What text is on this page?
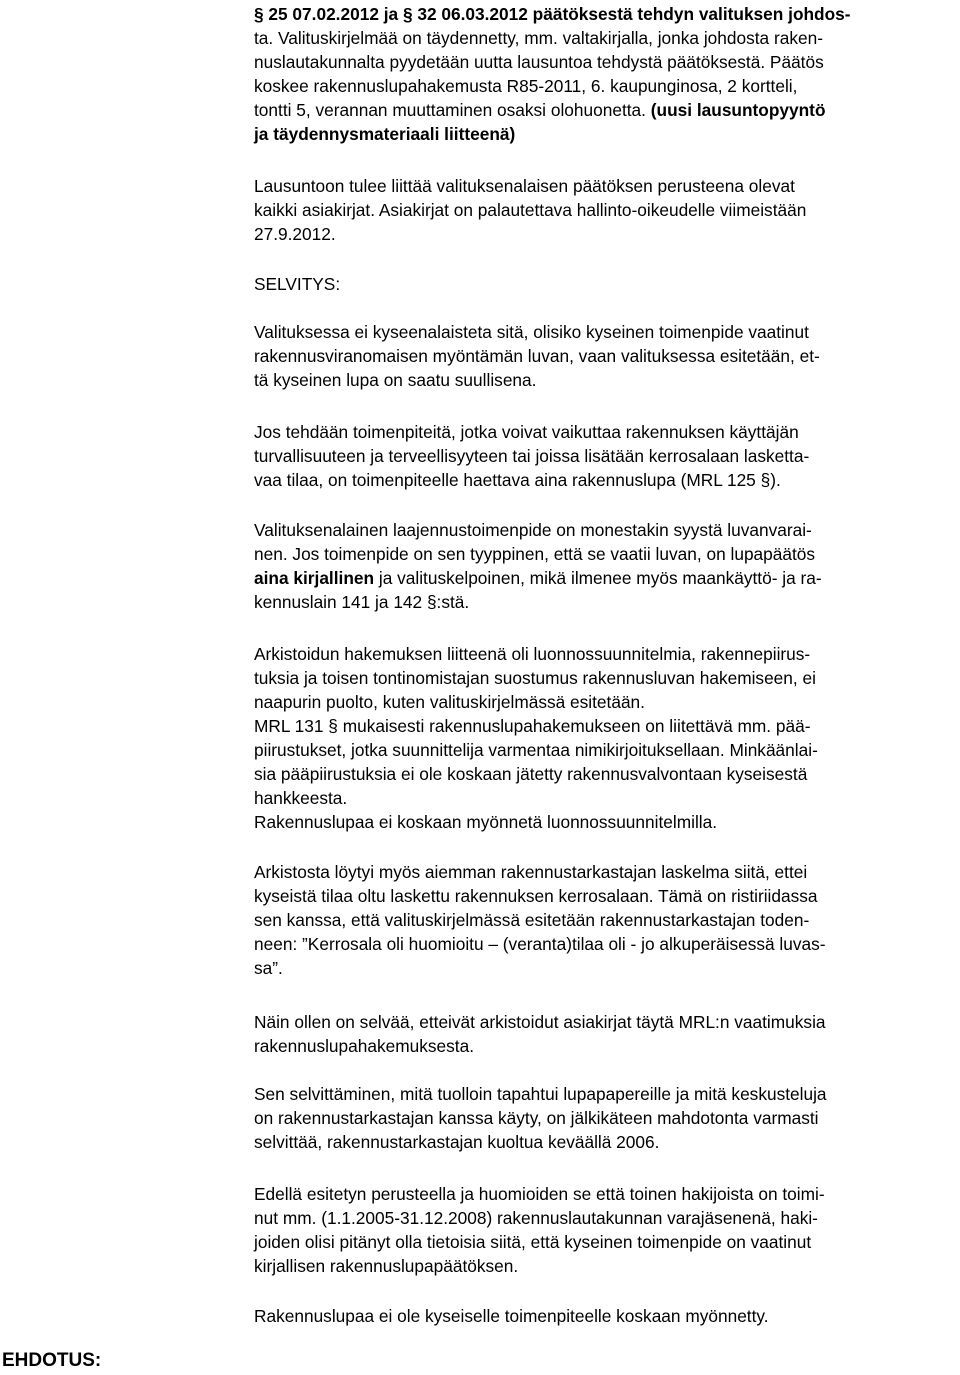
§ 25 07.02.2012 ja § 32 06.03.2012 päätöksestä tehdyn valituksen johdos-
ta. Valituskirjelmää on täydennetty, mm. valtakirjalla, jonka johdosta raken-
nuslautakunnalta pyydetään uutta lausuntoa tehdystä päätöksestä. Päätös
koskee rakennuslupahakemusta R85-2011, 6. kaupunginosa, 2 kortteli,
tontti 5, verannan muuttaminen osaksi olohuonetta. (uusi lausuntopyyntö
ja täydennysmateriaali liitteenä)
Lausuntoon tulee liittää valituksenalaisen päätöksen perusteena olevat
kaikki asiakirjat. Asiakirjat on palautettava hallinto-oikeudelle viimeistään
27.9.2012.
SELVITYS:
Valituksessa ei kyseenalaisteta sitä, olisiko kyseinen toimenpide vaatinut
rakennusviranomaisen myöntämän luvan, vaan valituksessa esitetään, et-
tä kyseinen lupa on saatu suullisena.
Jos tehdään toimenpiteitä, jotka voivat vaikuttaa rakennuksen käyttäjän
turvallisuuteen ja terveellisyyteen tai joissa lisätään kerrosalaan laskettа-
vaa tilaa, on toimenpiteelle haettava aina rakennuslupa (MRL 125 §).
Valituksenalainen laajennustoimenpide on monestakin syystä luvanvarai-
nen. Jos toimenpide on sen tyyppinen, että se vaatii luvan, on lupapäätös
aina kirjallinen ja valituskelpoinen, mikä ilmenee myös maankäyttö- ja ra-
kennuslain 141 ja 142 §:stä.
Arkistoidun hakemuksen liitteenä oli luonnossuunnitelmia, rakennepiirus-
tuksia ja toisen tontinomistajan suostumus rakennusluvan hakemiseen, ei
naapurin puolto, kuten valituskirjelmässä esitetään.
MRL 131 § mukaisesti rakennuslupahakemukseen on liitettävä mm. pää-
piirustukset, jotka suunnittelija varmentaa nimikirjoituksellaan. Minkäänlai-
sia pääpiirustuksia ei ole koskaan jätetty rakennusvalvontaan kyseisestä
hankkeesta.
Rakennuslupaa ei koskaan myönnetä luonnossuunnitelmilla.
Arkistosta löytyi myös aiemman rakennustarkastajan laskelma siitä, ettei
kyseistä tilaa oltu laskettu rakennuksen kerrosalaan. Tämä on ristiriidassa
sen kanssa, että valituskirjelmässä esitetään rakennustarkastajan toden-
neen: ”Kerrosala oli huomioitu – (veranta)tilaa oli - jo alkuperäisessä luvas-
sa”.
Näin ollen on selvää, etteivät arkistoidut asiakirjat täytä MRL:n vaatimuksia
rakennuslupahakemuksesta.
Sen selvittäminen, mitä tuolloin tapahtui lupapapereille ja mitä keskusteluja
on rakennustarkastajan kanssa käyty, on jälkikäteen mahdotonta varmasti
selvittää, rakennustarkastajan kuoltua keväällä 2006.
Edellä esitetyn perusteella ja huomioiden se että toinen hakijoista on toimi-
nut mm. (1.1.2005-31.12.2008) rakennuslautakunnan varajäsenenä, haki-
joiden olisi pitänyt olla tietoisia siitä, että kyseinen toimenpide on vaatinut
kirjallisen rakennuslupapäätöksen.
Rakennuslupaa ei ole kyseiselle toimenpiteelle koskaan myönnetty.
EHDOTUS:
